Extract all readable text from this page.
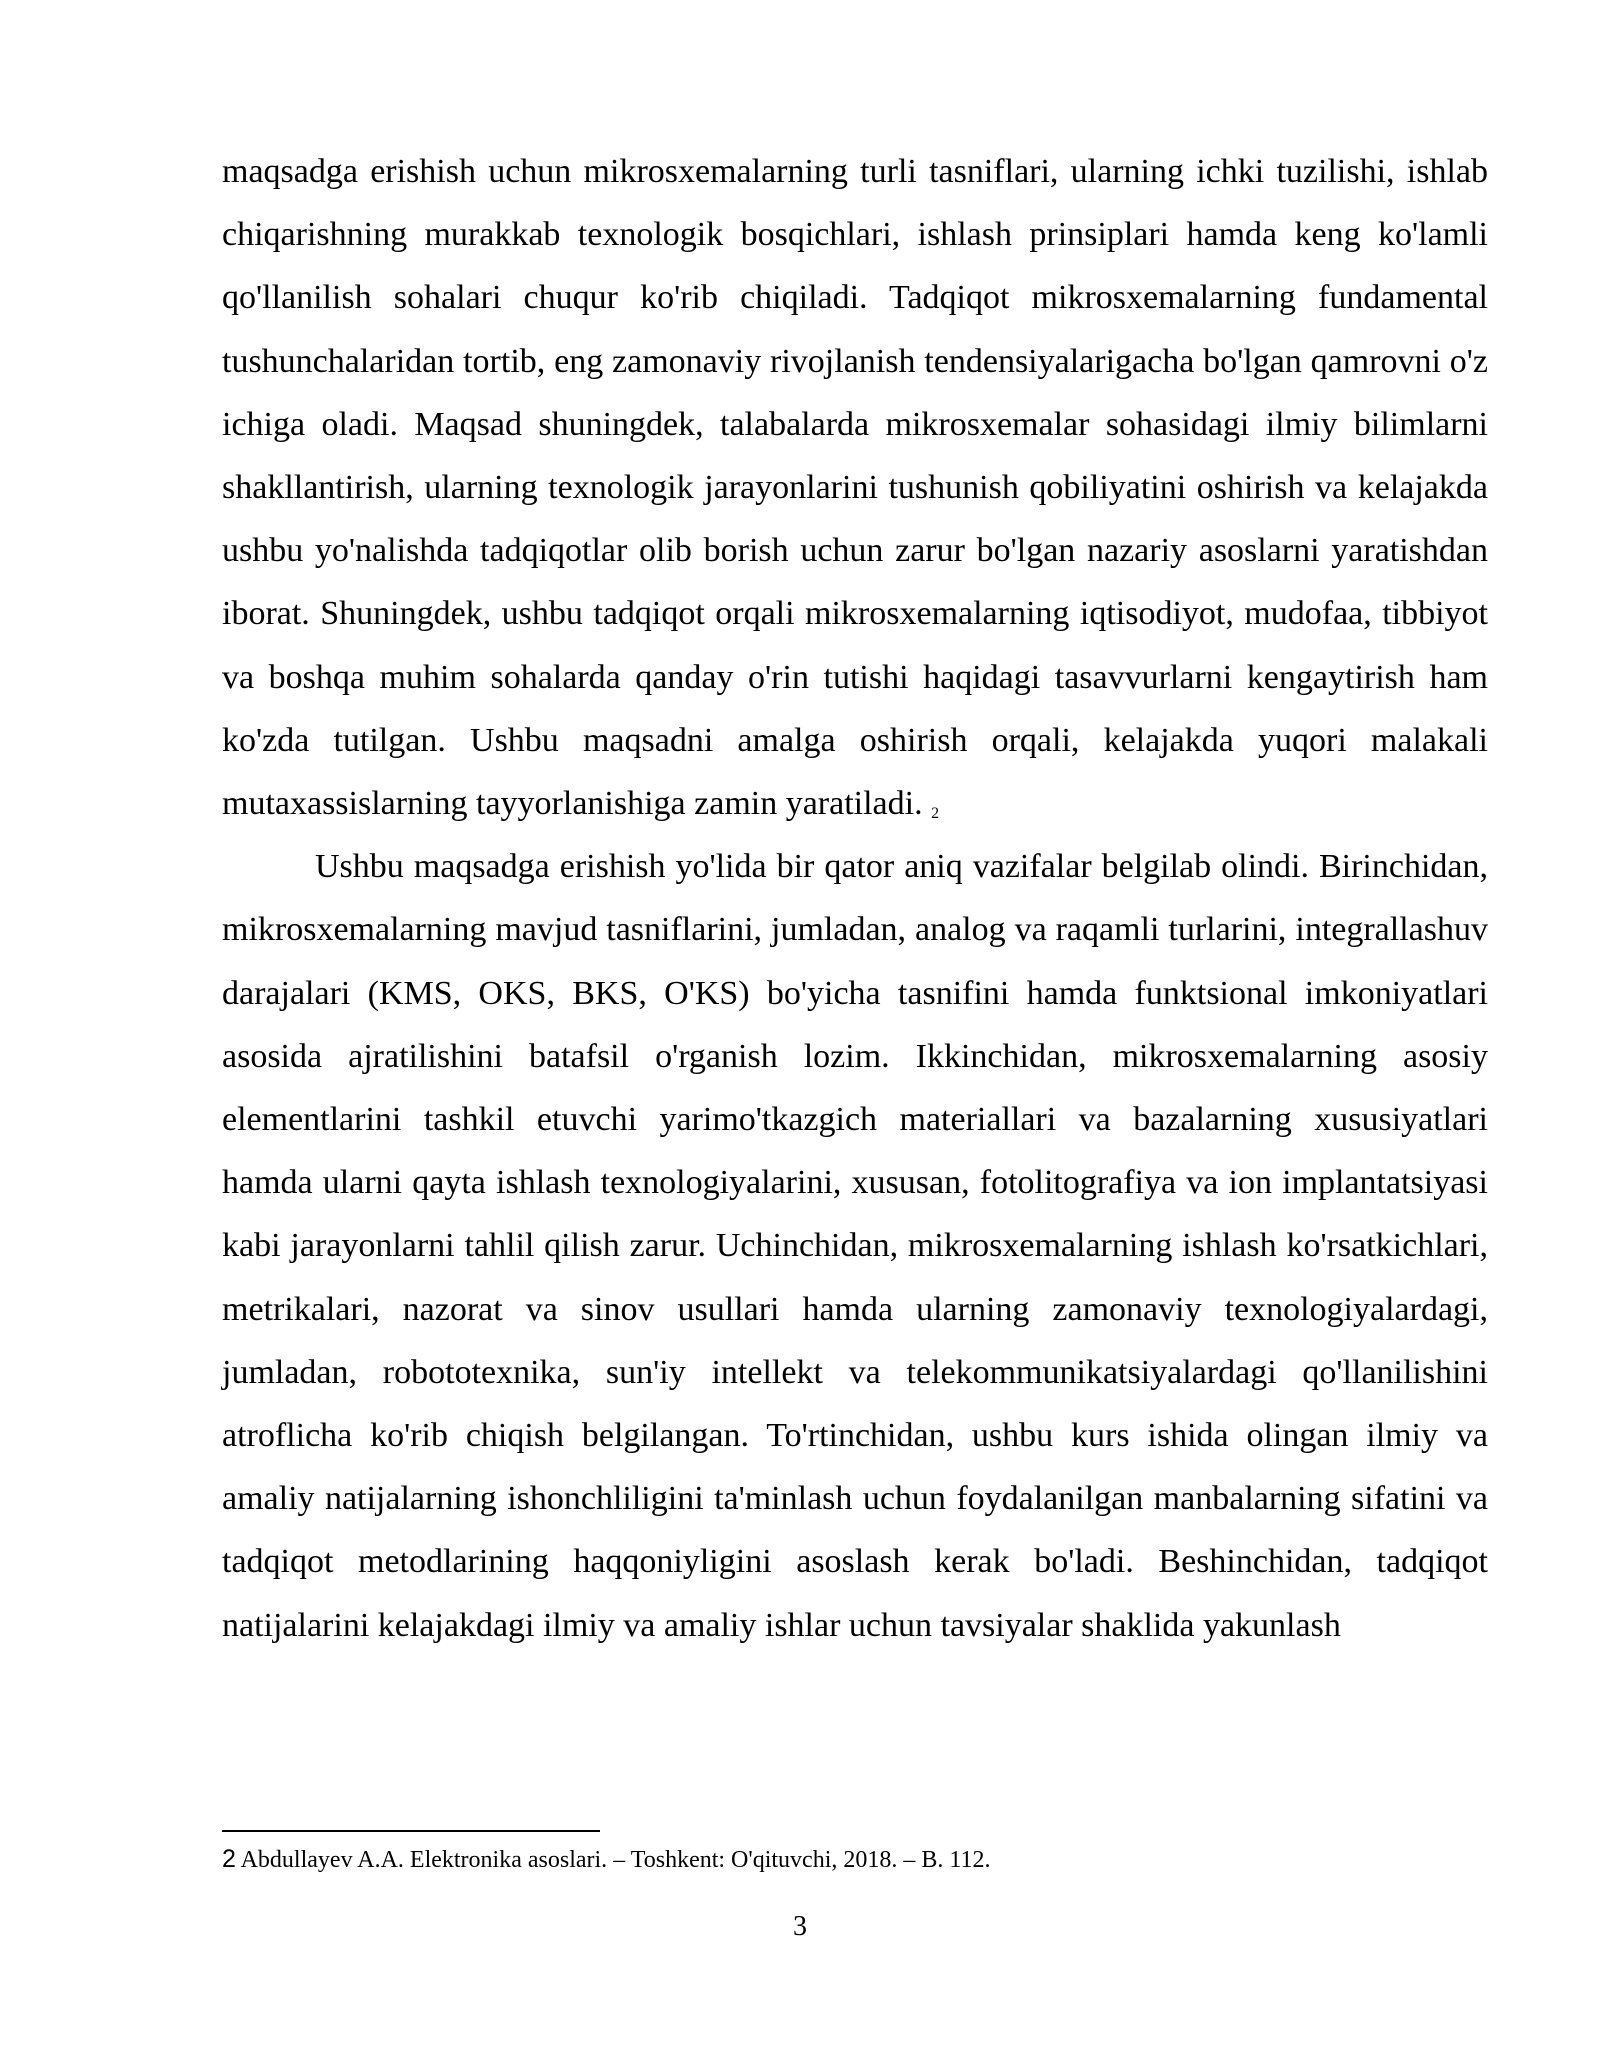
maqsadga erishish uchun mikrosxemalarning turli tasniflari, ularning ichki tuzilishi, ishlab chiqarishning murakkab texnologik bosqichlari, ishlash prinsiplari hamda keng ko'lamli qo'llanilish sohalari chuqur ko'rib chiqiladi. Tadqiqot mikrosxemalarning fundamental tushunchalaridan tortib, eng zamonaviy rivojlanish tendensiyalarigacha bo'lgan qamrovni o'z ichiga oladi. Maqsad shuningdek, talabalarda mikrosxemalar sohasidagi ilmiy bilimlarni shakllantirish, ularning texnologik jarayonlarini tushunish qobiliyatini oshirish va kelajakda ushbu yo'nalishda tadqiqotlar olib borish uchun zarur bo'lgan nazariy asoslarni yaratishdan iborat. Shuningdek, ushbu tadqiqot orqali mikrosxemalarning iqtisodiyot, mudofaa, tibbiyot va boshqa muhim sohalarda qanday o'rin tutishi haqidagi tasavvurlarni kengaytirish ham ko'zda tutilgan. Ushbu maqsadni amalga oshirish orqali, kelajakda yuqori malakali mutaxassislarning tayyorlanishiga zamin yaratiladi. $^2$

Ushbu maqsadga erishish yo'lida bir qator aniq vazifalar belgilab olindi. Birinchidan, mikrosxemalarning mavjud tasniflarini, jumladan, analog va raqamli turlarini, integrallashuv darajalari (KMS, OKS, BKS, O'KS) bo'yicha tasnifini hamda funktsional imkoniyatlari asosida ajratilishini batafsil o'rganish lozim. Ikkinchidan, mikrosxemalarning asosiy elementlarini tashkil etuvchi yarimo'tkazgich materiallari va bazalarning xususiyatlari hamda ularni qayta ishlash texnologiyalarini, xususan, fotolitografiya va ion implantatsiyasi kabi jarayonlarni tahlil qilish zarur. Uchinchidan, mikrosxemalarning ishlash ko'rsatkichlari, metrikalari, nazorat va sinov usullari hamda ularning zamonaviy texnologiyalardagi, jumladan, robototexnika, sun'iy intellekt va telekommunikatsiyalardagi qo'llanilishini atroflicha ko'rib chiqish belgilangan. To'rtinchidan, ushbu kurs ishida olingan ilmiy va amaliy natijalarning ishonchliligini ta'minlash uchun foydalanilgan manbalarning sifatini va tadqiqot metodlarining haqqoniyligini asoslash kerak bo'ladi. Beshinchidan, tadqiqot natijalarini kelajakdagi ilmiy va amaliy ishlar uchun tavsiyalar shaklida yakunlash

2 Abdullayev A.A. Elektronika asoslari. – Toshkent: O'qituvchi, 2018. – B. 112.

3
